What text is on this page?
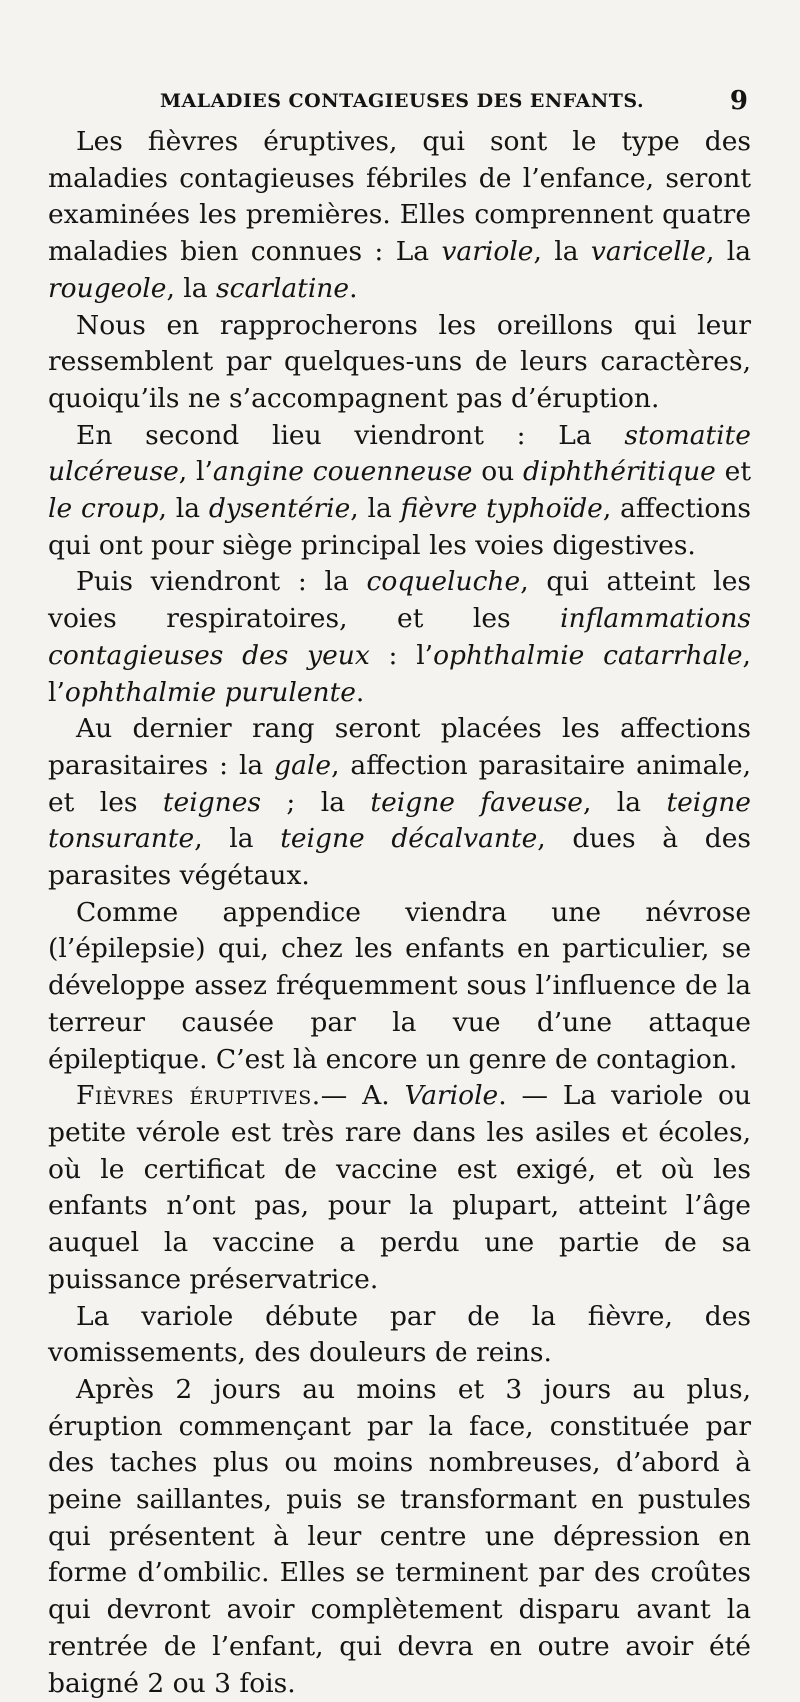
MALADIES CONTAGIEUSES DES ENFANTS.	9

Les fièvres éruptives, qui sont le type des maladies contagieuses fébriles de l’enfance, seront examinées les premières. Elles comprennent quatre maladies bien connues : La variole, la varicelle, la rougeole, la scarlatine.

Nous en rapprocherons les oreillons qui leur ressemblent par quelques-uns de leurs caractères, quoiqu’ils ne s’accompagnent pas d’éruption.

En second lieu viendront : La stomatite ulcéreuse, l’angine couenneuse ou diphthéritique et le croup, la dysentérie, la fièvre typhoïde, affections qui ont pour siège principal les voies digestives.

Puis viendront : la coqueluche, qui atteint les voies respiratoires, et les inflammations contagieuses des yeux : l’ophthalmie catarrhale, l’ophthalmie purulente.

Au dernier rang seront placées les affections parasitaires : la gale, affection parasitaire animale, et les teignes ; la teigne faveuse, la teigne tonsurante, la teigne décalvante, dues à des parasites végétaux.

Comme appendice viendra une névrose (l’épilepsie) qui, chez les enfants en particulier, se développe assez fréquemment sous l’influence de la terreur causée par la vue d’une attaque épileptique. C’est là encore un genre de contagion.

Fièvres éruptives.— A. Variole. — La variole ou petite vérole est très rare dans les asiles et écoles, où le certificat de vaccine est exigé, et où les enfants n’ont pas, pour la plupart, atteint l’âge auquel la vaccine a perdu une partie de sa puissance préservatrice.

La variole débute par de la fièvre, des vomissements, des douleurs de reins.

Après 2 jours au moins et 3 jours au plus, éruption commençant par la face, constituée par des taches plus ou moins nombreuses, d’abord à peine saillantes, puis se transformant en pustules qui présentent à leur centre une dépression en forme d’ombilic. Elles se terminent par des croûtes qui devront avoir complètement disparu avant la rentrée de l’enfant, qui devra en outre avoir été baigné 2 ou 3 fois.
